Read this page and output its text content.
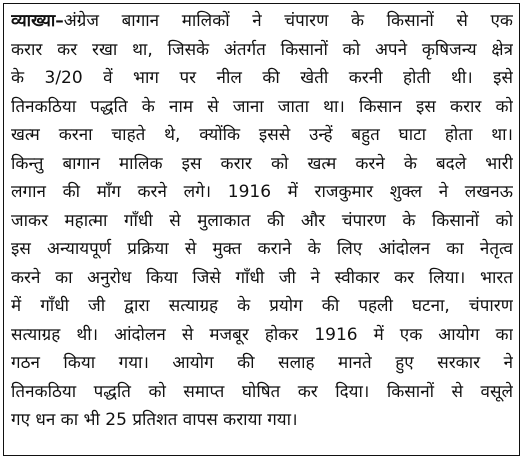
व्याख्या–अंग्रेज बागान मालिकों ने चंपारण के किसानों से एक
करार कर रखा था, जिसके अंतर्गत किसानों को अपने कृषिजन्य क्षेत्र
के 3/20 वें भाग पर नील की खेती करनी होती थी। इसे
तिनकठिया पद्धति के नाम से जाना जाता था। किसान इस करार को
खत्म करना चाहते थे, क्योंकि इससे उन्हें बहुत घाटा होता था।
किन्तु बागान मालिक इस करार को खत्म करने के बदले भारी
लगान की माँग करने लगे। 1916 में राजकुमार शुक्ल ने लखनऊ
जाकर महात्मा गाँधी से मुलाकात की और चंपारण के किसानों को
इस अन्यायपूर्ण प्रक्रिया से मुक्त कराने के लिए आंदोलन का नेतृत्व
करने का अनुरोध किया जिसे गाँधी जी ने स्वीकार कर लिया। भारत
में गाँधी जी द्वारा सत्याग्रह के प्रयोग की पहली घटना, चंपारण
सत्याग्रह थी। आंदोलन से मजबूर होकर 1916 में एक आयोग का
गठन किया गया। आयोग की सलाह मानते हुए सरकार ने
तिनकठिया पद्धति को समाप्त घोषित कर दिया। किसानों से वसूले
गए धन का भी 25 प्रतिशत वापस कराया गया।
